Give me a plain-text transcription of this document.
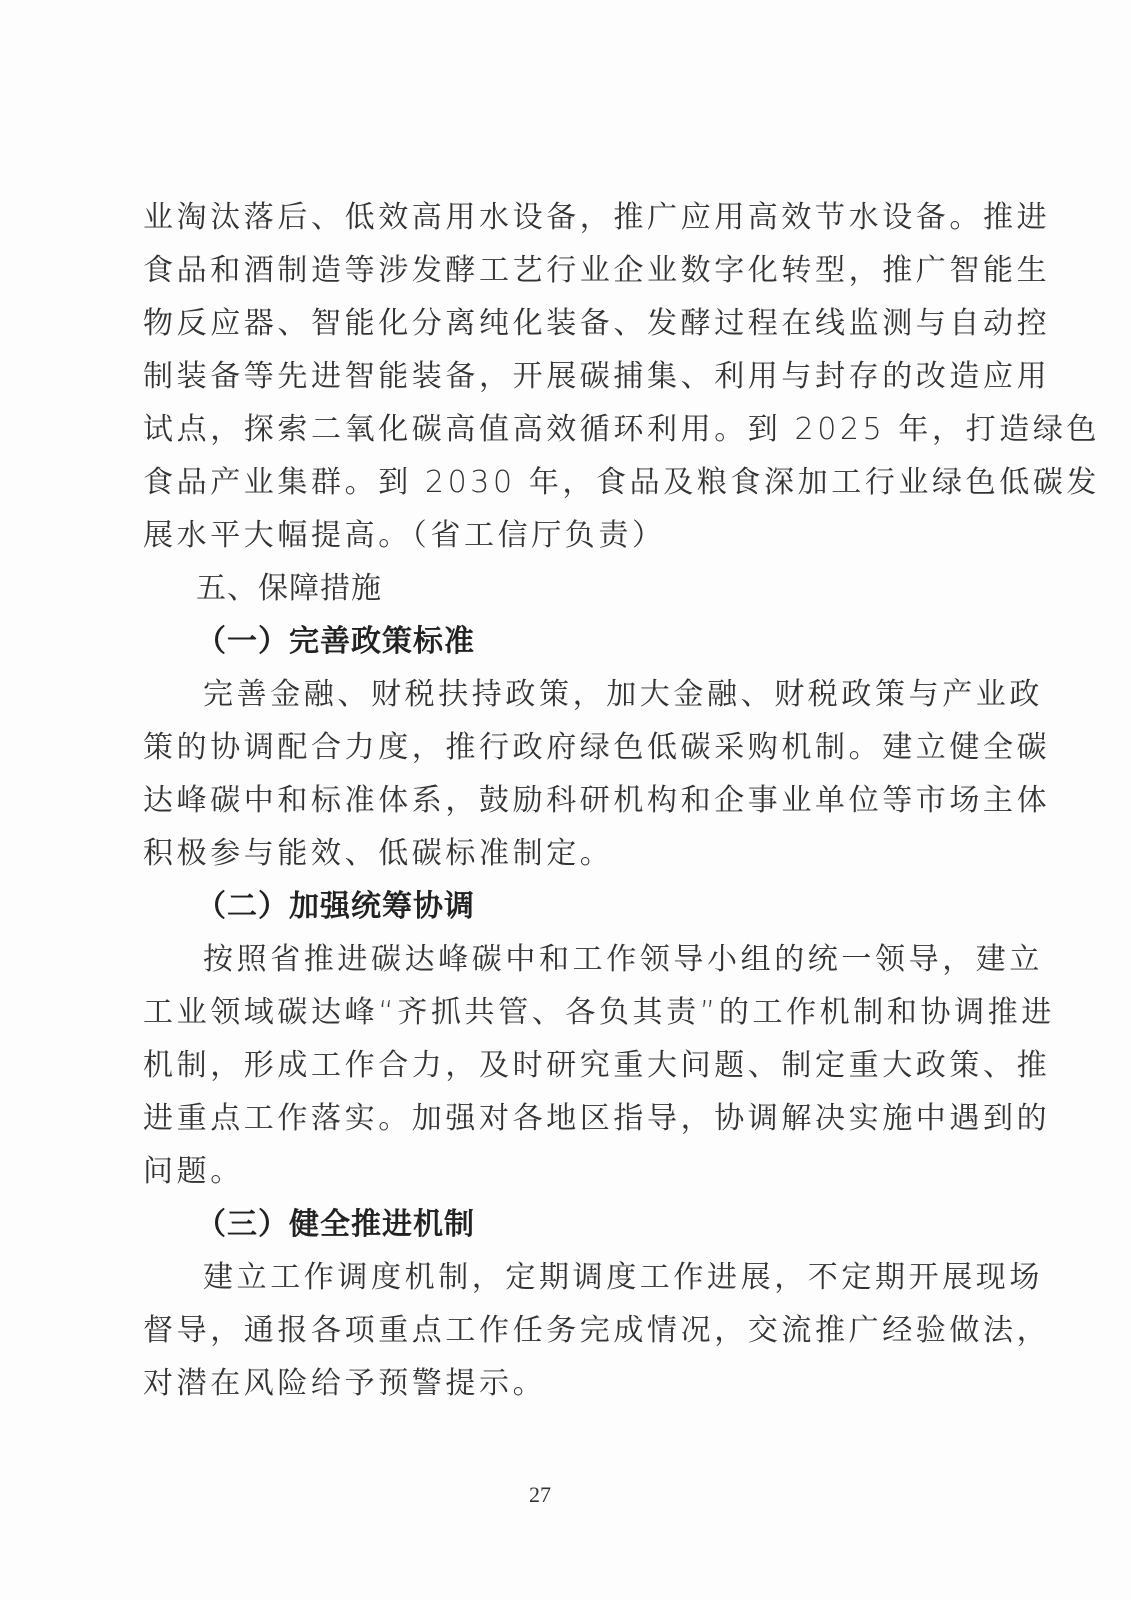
业淘汰落后、低效高用水设备，推广应用高效节水设备。推进
食品和酒制造等涉发酵工艺行业企业数字化转型，推广智能生
物反应器、智能化分离纯化装备、发酵过程在线监测与自动控
制装备等先进智能装备，开展碳捕集、利用与封存的改造应用
试点，探索二氧化碳高值高效循环利用。到 2025 年，打造绿色
食品产业集群。到 2030 年，食品及粮食深加工行业绿色低碳发
展水平大幅提高。（省工信厅负责）
五、保障措施
（一）完善政策标准
完善金融、财税扶持政策，加大金融、财税政策与产业政
策的协调配合力度，推行政府绿色低碳采购机制。建立健全碳
达峰碳中和标准体系，鼓励科研机构和企事业单位等市场主体
积极参与能效、低碳标准制定。
（二）加强统筹协调
按照省推进碳达峰碳中和工作领导小组的统一领导，建立
工业领域碳达峰“齐抓共管、各负其责”的工作机制和协调推进
机制，形成工作合力，及时研究重大问题、制定重大政策、推
进重点工作落实。加强对各地区指导，协调解决实施中遇到的
问题。
（三）健全推进机制
建立工作调度机制，定期调度工作进展，不定期开展现场
督导，通报各项重点工作任务完成情况，交流推广经验做法，
对潜在风险给予预警提示。
27
